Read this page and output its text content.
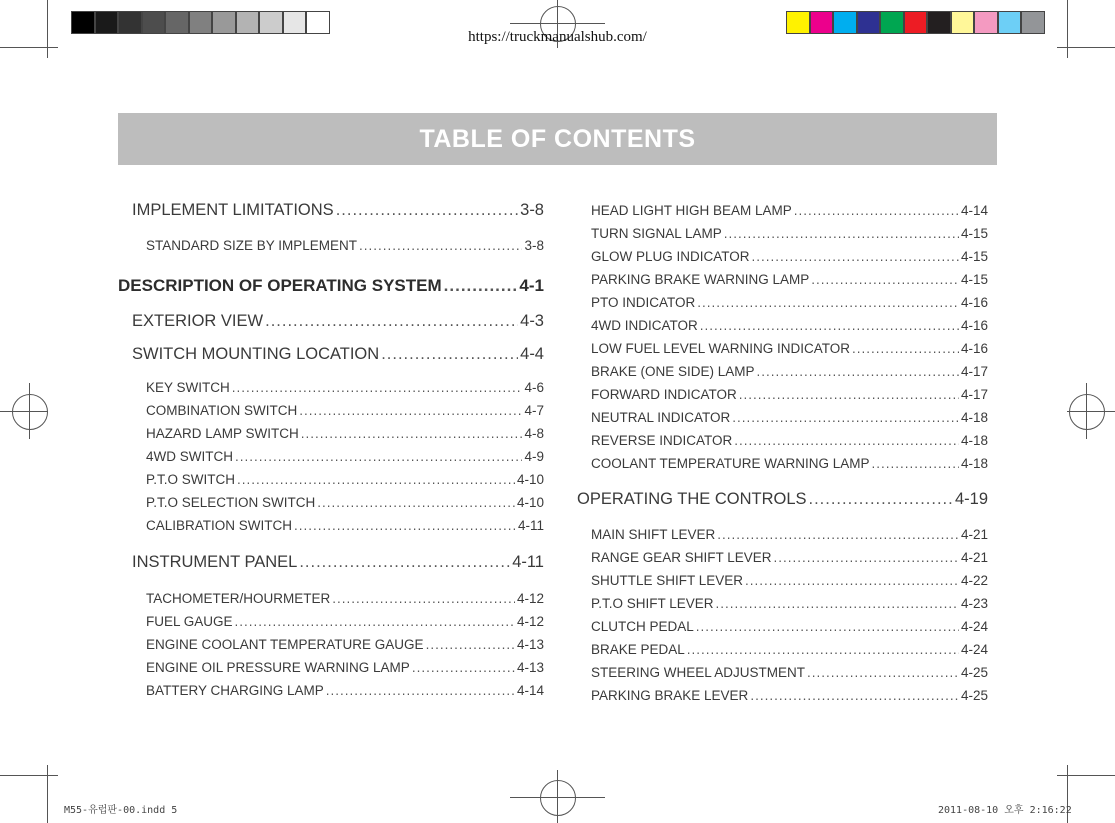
https://truckmanualshub.com/
TABLE OF CONTENTS
IMPLEMENT LIMITATIONS .....	3-8
STANDARD SIZE BY IMPLEMENT .....	3-8
DESCRIPTION OF OPERATING SYSTEM .....	4-1
EXTERIOR VIEW .....	4-3
SWITCH MOUNTING LOCATION .....	4-4
KEY SWITCH .....	4-6
COMBINATION SWITCH .....	4-7
HAZARD LAMP SWITCH .....	4-8
4WD SWITCH .....	4-9
P.T.O SWITCH .....	4-10
P.T.O SELECTION SWITCH .....	4-10
CALIBRATION SWITCH .....	4-11
INSTRUMENT PANEL .....	4-11
TACHOMETER/HOURMETER .....	4-12
FUEL GAUGE .....	4-12
ENGINE COOLANT TEMPERATURE GAUGE .....	4-13
ENGINE OIL PRESSURE WARNING LAMP .....	4-13
BATTERY CHARGING LAMP .....	4-14
HEAD LIGHT HIGH BEAM LAMP .....	4-14
TURN SIGNAL LAMP .....	4-15
GLOW PLUG INDICATOR .....	4-15
PARKING BRAKE WARNING LAMP .....	4-15
PTO INDICATOR .....	4-16
4WD INDICATOR .....	4-16
LOW FUEL LEVEL WARNING INDICATOR .....	4-16
BRAKE (ONE SIDE) LAMP .....	4-17
FORWARD INDICATOR .....	4-17
NEUTRAL INDICATOR .....	4-18
REVERSE INDICATOR .....	4-18
COOLANT TEMPERATURE WARNING LAMP .....	4-18
OPERATING THE CONTROLS .....	4-19
MAIN SHIFT LEVER .....	4-21
RANGE GEAR SHIFT LEVER .....	4-21
SHUTTLE SHIFT LEVER .....	4-22
P.T.O SHIFT LEVER .....	4-23
CLUTCH PEDAL .....	4-24
BRAKE PEDAL .....	4-24
STEERING WHEEL ADJUSTMENT .....	4-25
PARKING BRAKE LEVER .....	4-25
M55-유럽판-00.indd 5	2011-08-10 오후 2:16:22
